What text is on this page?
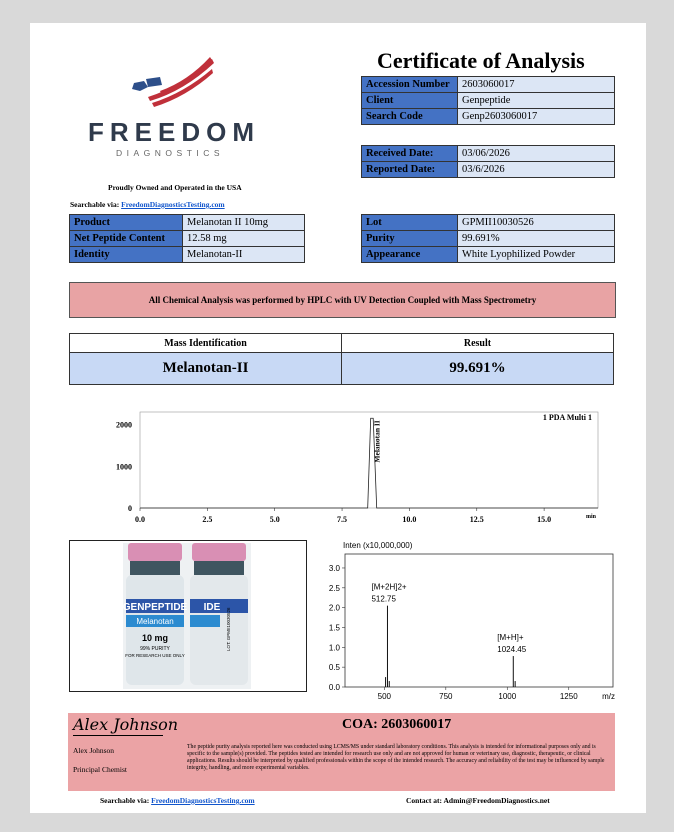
FREEDOM
DIAGNOSTICS
Proudly Owned and Operated in the USA
Searchable via: FreedomDiagnosticsTesting.com
Certificate of Analysis
Accession Number	2603060017
Client	Genpeptide
Search Code	Genp2603060017
Received Date:	03/06/2026
Reported Date:	03/6/2026
Product	Melanotan II 10mg
Net Peptide Content	12.58 mg
Identity	Melanotan-II
Lot	GPMII10030526
Purity	99.691%
Appearance	White Lyophilized Powder
All Chemical Analysis was performed by HPLC with UV Detection Coupled with Mass Spectrometry
Mass Identification	Result
Melanotan-II	99.691%
0.0	2.5	5.0	7.5	10.0	12.5	15.0
0
1000
2000
min
1 PDA Multi 1
Melanotan II
GENPEPTIDE
Melanotan
10 mg
99% PURITY
FOR RESEARCH USE ONLY
IDE LOT: GPMII10030526
Inten (x10,000,000)
0.0
0.5
1.0
1.5
2.0
2.5
3.0
500	750	1000	1250	m/z
[M+2H]2+
512.75
[M+H]+
1024.45
Alex Johnson	COA: 2603060017
Alex Johnson
Principal Chemist
The peptide purity analysis reported here was conducted using LCMS/MS under standard laboratory conditions. This analysis is intended for informational purposes only and is specific to the sample(s) provided. The peptides tested are intended for research use only and are not approved for human or veterinary use, diagnostic, therapeutic, or clinical applications. Results should be interpreted by qualified professionals within the scope of the intended research. The accuracy and reliability of the test may be influenced by sample integrity, handling, and more experimental variables.
Searchable via: FreedomDiagnosticsTesting.com	Contact at: Admin@FreedomDiagnostics.net
